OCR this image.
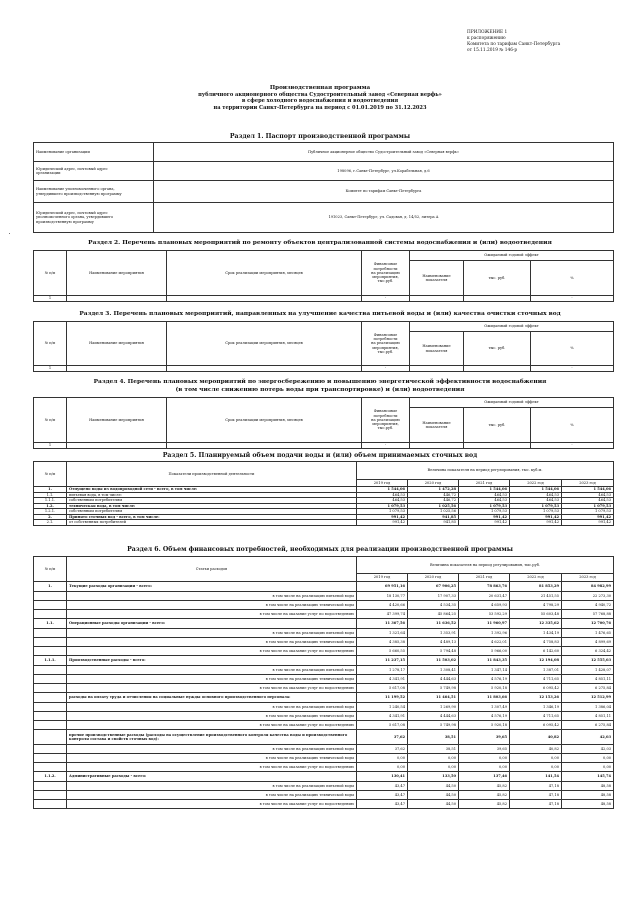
ПРИЛОЖЕНИЕ 1
к распоряжению
Комитета по тарифам Санкт-Петербурга
от 15.11.2019 № 146-р
Производственная программа
публичного акционерного общества Судостроительный завод «Северная верфь»
в сфере холодного водоснабжения и водоотведения
на территории Санкт-Петербурга на период с 01.01.2019 по 31.12.2023
Раздел 1. Паспорт производственной программы
Наименование организации	Публичное акционерное общество Судостроительный завод «Северная верфь»

Юридический адрес, почтовый адрес
организации	198096, г.Санкт-Петербург, ул.Корабельная, д.6

Наименование уполномоченного органа,
утвердившего производственную программу	Комитет по тарифам Санкт-Петербурга

Юридический адрес, почтовый адрес
уполномоченного органа, утвердившего
производственную программу	191023, Санкт-Петербург, ул. Садовая, д. 14/52, литера А
Раздел 2. Перечень плановых мероприятий по ремонту объектов централизованной системы водоснабжения и (или) водоотведения
№ п/п	Наименование мероприятия	Срок реализации мероприятия, месяцев	Финансовые
потребности
на реализацию
мероприятия,
тыс.руб.	Ожидаемый годовой эффект		

				Наименование
показателя	тыс. руб.	%
1			-			-
Раздел 3. Перечень плановых мероприятий, направленных на улучшение качества питьевой воды и (или) качества очистки сточных вод
№ п/п	Наименование мероприятия	Срок реализации мероприятия, месяцев	Финансовые
потребности
на реализацию
мероприятия,
тыс.руб.	Ожидаемый годовой эффект		

				Наименование
показателя	тыс. руб.	%
1			-			-
Раздел 4. Перечень плановых мероприятий по энергосбережению и повышению энергетической эффективности водоснабжения
(в том числе снижению потерь воды при транспортировке) и (или) водоотведения
№ п/п	Наименование мероприятия	Срок реализации мероприятия, месяцев	Финансовые
потребности
на реализацию
мероприятия,
тыс.руб.	Ожидаемый годовой эффект		

				Наименование
показателя	тыс. руб.	%
1			-			-
Раздел 5. Планируемый объем подачи воды и (или) объем принимаемых сточных вод
№ п/п	Показатели производственной деятельности	Величина показателя на период регулирования, тыс. куб.м.				
		2019 год	2020 год	2021 год	2022 год	2023 год
1.	Отпущено воды из водопроводной сети - всего, в том числе:	1 544,06	1 472,28	1 544,06	1 544,06	1 544,06
1.1.	питьевая вода, в том числе:	464,53	446,72	464,53	464,53	464,53
1.1.1.	собственным потребителям	464,53	446,72	464,53	464,53	464,53
1.2.	техническая вода, в том числе:	1 079,53	1 025,56	1 079,53	1 079,53	1 079,53
1.2.1.	собственным потребителям	1 079,53	1 025,56	1 079,53	1 079,53	1 079,53
2.	Принято сточных вод - всего, в том числе:	991,42	941,85	991,42	991,42	991,42
2.1.	от собственных потребителей	991,42	941,85	991,42	991,42	991,42
Раздел 6. Объем финансовых потребностей, необходимых для реализации производственной программы
№ п/п	Статьи расходов	Величина показателя на период регулирования, тыс.руб.				
		2019 год	2020 год	2021 год	2022 год	2023 год
1.	Текущие расходы организации - всего:	69 951,16	67 906,25	78 863,76	81 853,29	84 982,99
	в том числе на реализацию питьевой воды	18 130,77	17 907,33	20 631,47	21 451,55	22 273,30
	в том числе на реализацию технической воды	4 420,66	4 534,35	4 659,93	4 798,29	4 940,72
	в том числе на оказание услуг по водоотведению	47 399,74	45 864,25	53 592,29	55 603,48	57 768,88
1.1.	Операционные расходы организации - всего:	11 367,56	11 636,52	11 960,97	12 335,62	12 700,76
	в том числе на реализацию питьевой воды	1 321,64	1 353,91	1 392,96	1 434,19	1 476,65
	в том числе на реализацию технической воды	4 385,38	4 489,13	4 622,01	4 758,83	4 899,69
	в том числе на оказание услуг по водоотведению	5 660,55	5 794,48	5 966,00	6 142,60	6 324,42
1.1.1.	Производственные расходы - всего:	11 237,15	11 503,02	11 843,35	12 194,08	12 555,03
	в том числе на реализацию питьевой воды	1 278,17	1 308,41	1 347,14	1 387,01	1 428,07
	в том числе на реализацию технической воды	4 341,91	4 444,63	4 576,19	4 711,65	4 851,11
	в том числе на оказание услуг по водоотведению	5 617,08	5 749,98	5 920,18	6 095,42	6 275,84
	расходы на оплату труда и отчисления на социальные нужды основного производственного персонала:	11 199,52	11 464,51	11 803,66	12 153,26	12 512,99
	в том числе на реализацию питьевой воды	1 240,54	1 269,90	1 307,49	1 346,19	1 386,04
	в том числе на реализацию технической воды	4 341,91	4 444,63	4 576,19	4 711,65	4 851,11
	в том числе на оказание услуг по водоотведению	5 617,08	5 749,98	5 920,18	6 095,42	6 275,84
	прочие производственные расходы (расходы на осуществление производственного контроля качества воды и производственного контроля состава и свойств сточных вод):	37,62	38,51	39,65	40,82	42,03
	в том числе на реализацию питьевой воды	37,62	38,51	39,65	40,82	42,03
	в том числе на реализацию технической воды	0,00	0,00	0,00	0,00	0,00
	в том числе на оказание услуг по водоотведению	0,00	0,00	0,00	0,00	0,00
1.1.2.	Административные расходы - всего:	130,41	133,50	137,46	141,54	145,74
	в том числе на реализацию питьевой воды	43,47	44,50	45,82	47,18	48,58
	в том числе на реализацию технической воды	43,47	44,50	45,82	47,18	48,58
	в том числе на оказание услуг по водоотведению	43,47	44,50	45,82	47,18	48,58
